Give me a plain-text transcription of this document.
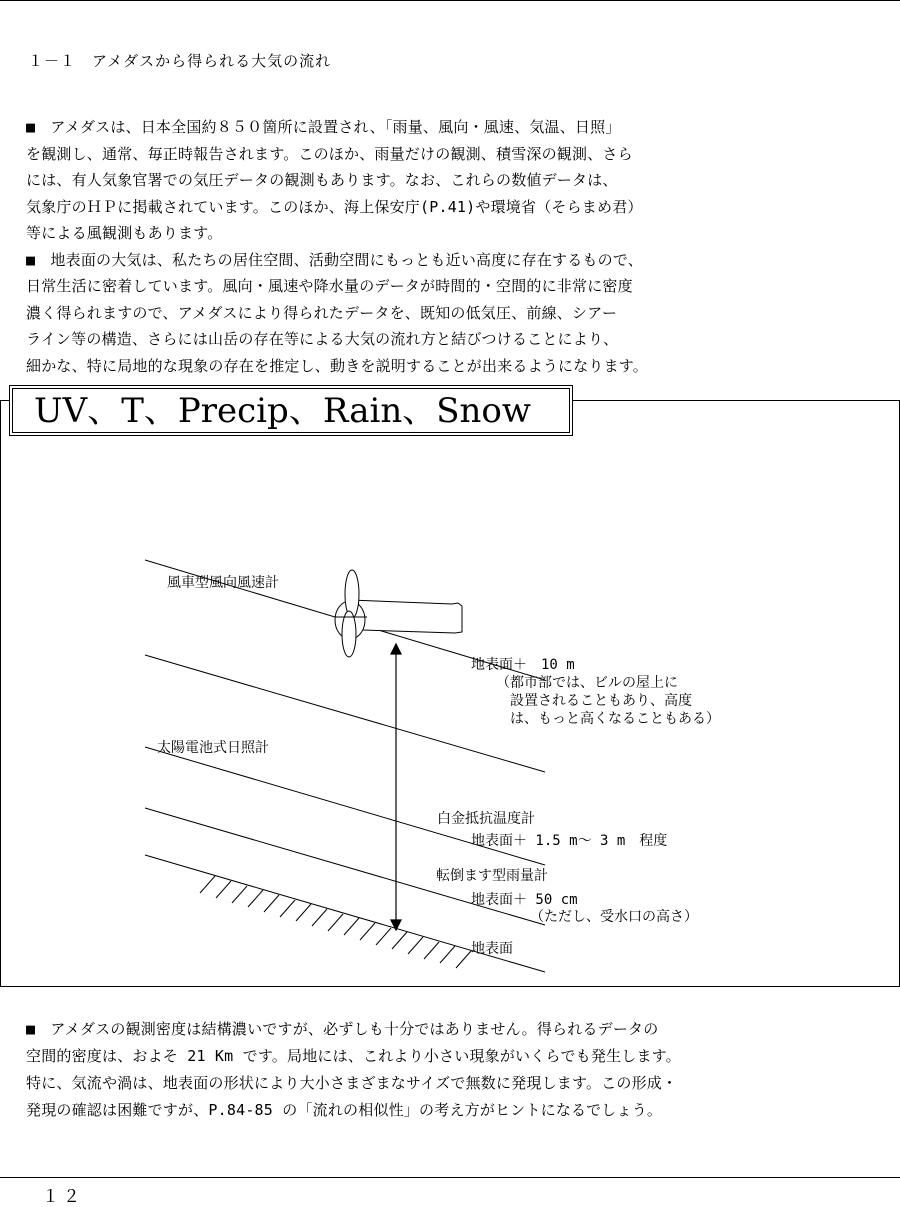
１－１　アメダスから得られる大気の流れ
■　アメダスは、日本全国約８５０箇所に設置され、「雨量、風向・風速、気温、日照」
を観測し、通常、毎正時報告されます。このほか、雨量だけの観測、積雪深の観測、さら
には、有人気象官署での気圧データの観測もあります。なお、これらの数値データは、
気象庁のＨＰに掲載されています。このほか、海上保安庁(P.41)や環境省（そらまめ君）
等による風観測もあります。
■　地表面の大気は、私たちの居住空間、活動空間にもっとも近い高度に存在するもので、
日常生活に密着しています。風向・風速や降水量のデータが時間的・空間的に非常に密度
濃く得られますので、アメダスにより得られたデータを、既知の低気圧、前線、シアー
ライン等の構造、さらには山岳の存在等による大気の流れ方と結びつけることにより、
細かな、特に局地的な現象の存在を推定し、動きを説明することが出来るようになります。
UV、T、Precip、Rain、Snow
風車型風向風速計
地表面＋　10 m
（都市部では、ビルの屋上に
設置されることもあり、高度
は、もっと高くなることもある）
太陽電池式日照計
白金抵抗温度計
地表面＋ 1.5 m～ 3 m　程度
転倒ます型雨量計
地表面＋ 50 cm
（ただし、受水口の高さ）
地表面
■　アメダスの観測密度は結構濃いですが、必ずしも十分ではありません。得られるデータの
空間的密度は、およそ 21 Km です。局地には、これより小さい現象がいくらでも発生します。
特に、気流や渦は、地表面の形状により大小さまざまなサイズで無数に発現します。この形成・
発現の確認は困難ですが、P.84-85 の「流れの相似性」の考え方がヒントになるでしょう。
１２
